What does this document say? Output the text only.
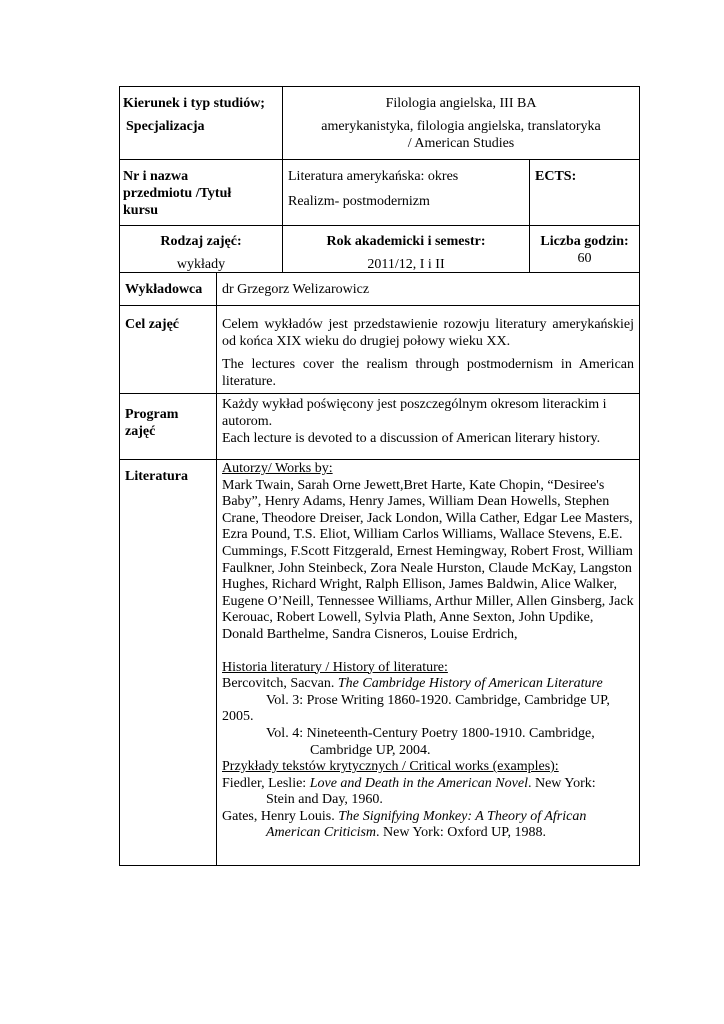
Kierunek i typ studiów;

Specjalizacja

Filologia angielska, III BA

amerykanistyka, filologia angielska, translatoryka / American Studies

Nr i nazwa przedmiotu /Tytuł kursu

Literatura amerykańska: okres

Realizm- postmodernizm

ECTS:

Rodzaj zajęć:

wykłady

Rok akademicki i semestr:

2011/12, I i II

Liczba godzin:

60

Wykładowca	dr Grzegorz Welizarowicz

Cel zajęć	Celem wykładów jest przedstawienie rozowju literatury amerykańskiej od końca XIX wieku do drugiej połowy wieku XX.

The lectures cover the realism through postmodernism in American literature.

Program zajęć

Każdy wykład poświęcony jest poszczególnym okresom literackim i autorom.

Each lecture is devoted to a discussion of American literary history.

Literatura

Autorzy/ Works by:

Mark Twain, Sarah Orne Jewett,Bret Harte, Kate Chopin, “Desiree's Baby”, Henry Adams, Henry James, William Dean Howells, Stephen Crane, Theodore Dreiser, Jack London, Willa Cather, Edgar Lee Masters, Ezra Pound, T.S. Eliot, William Carlos Williams, Wallace Stevens, E.E. Cummings, F.Scott Fitzgerald, Ernest Hemingway, Robert Frost, William Faulkner, John Steinbeck, Zora Neale Hurston, Claude McKay, Langston Hughes, Richard Wright, Ralph Ellison, James Baldwin, Alice Walker, Eugene O’Neill, Tennessee Williams, Arthur Miller, Allen Ginsberg, Jack Kerouac, Robert Lowell, Sylvia Plath, Anne Sexton, John Updike, Donald Barthelme, Sandra Cisneros, Louise Erdrich,

Historia literatury / History of literature:

Bercovitch, Sacvan. The Cambridge History of American Literature

Vol. 3: Prose Writing 1860-1920. Cambridge, Cambridge UP,

2005.

Vol. 4: Nineteenth-Century Poetry 1800-1910. Cambridge,

Cambridge UP, 2004.

Przykłady tekstów krytycznych / Critical works (examples):

Fiedler, Leslie: Love and Death in the American Novel. New York:

Stein and Day, 1960.

Gates, Henry Louis. The Signifying Monkey: A Theory of African

American Criticism. New York: Oxford UP, 1988.
